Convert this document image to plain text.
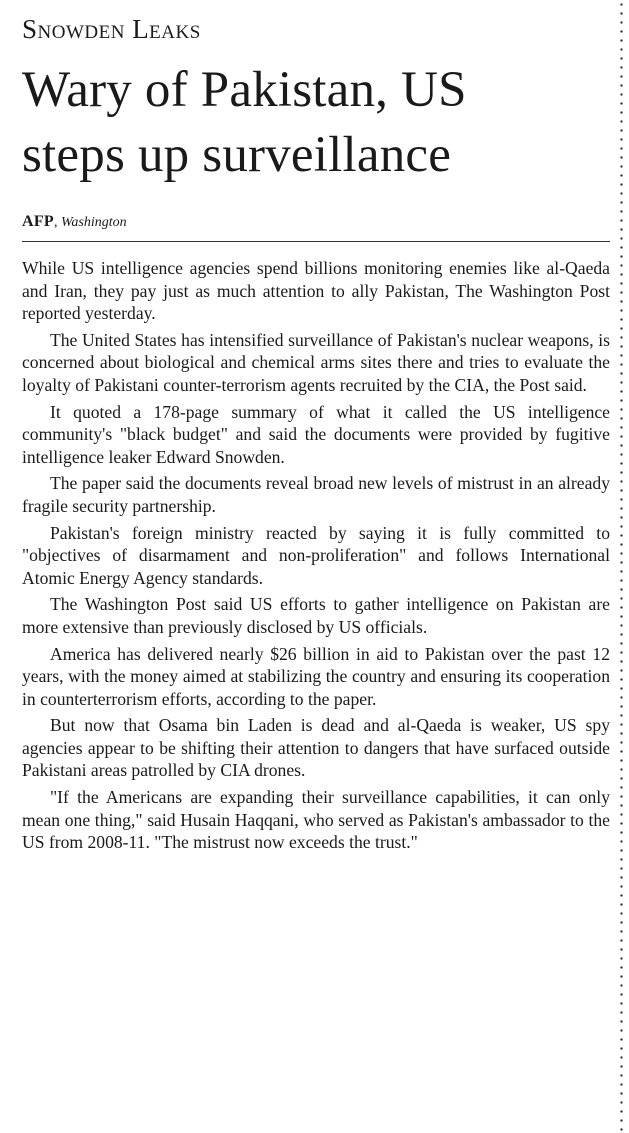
Snowden Leaks
Wary of Pakistan, US
steps up surveillance
AFP, Washington

While US intelligence agencies spend billions monitoring enemies like al-Qaeda and Iran, they pay just as much attention to ally Pakistan, The Washington Post reported yesterday.

The United States has intensified surveillance of Pakistan's nuclear weapons, is concerned about biological and chemical arms sites there and tries to evaluate the loyalty of Pakistani counter-terrorism agents recruited by the CIA, the Post said.

It quoted a 178-page summary of what it called the US intelligence community's "black budget" and said the documents were provided by fugitive intelligence leaker Edward Snowden.

The paper said the documents reveal broad new levels of mistrust in an already fragile security partnership.

Pakistan's foreign ministry reacted by saying it is fully committed to "objectives of disarmament and non-proliferation" and follows International Atomic Energy Agency standards.

The Washington Post said US efforts to gather intelligence on Pakistan are more extensive than previously disclosed by US officials.

America has delivered nearly $26 billion in aid to Pakistan over the past 12 years, with the money aimed at stabilizing the country and ensuring its cooperation in counterterrorism efforts, according to the paper.

But now that Osama bin Laden is dead and al-Qaeda is weaker, US spy agencies appear to be shifting their attention to dangers that have surfaced outside Pakistani areas patrolled by CIA drones.

"If the Americans are expanding their surveillance capabilities, it can only mean one thing," said Husain Haqqani, who served as Pakistan's ambassador to the US from 2008-11. "The mistrust now exceeds the trust."
